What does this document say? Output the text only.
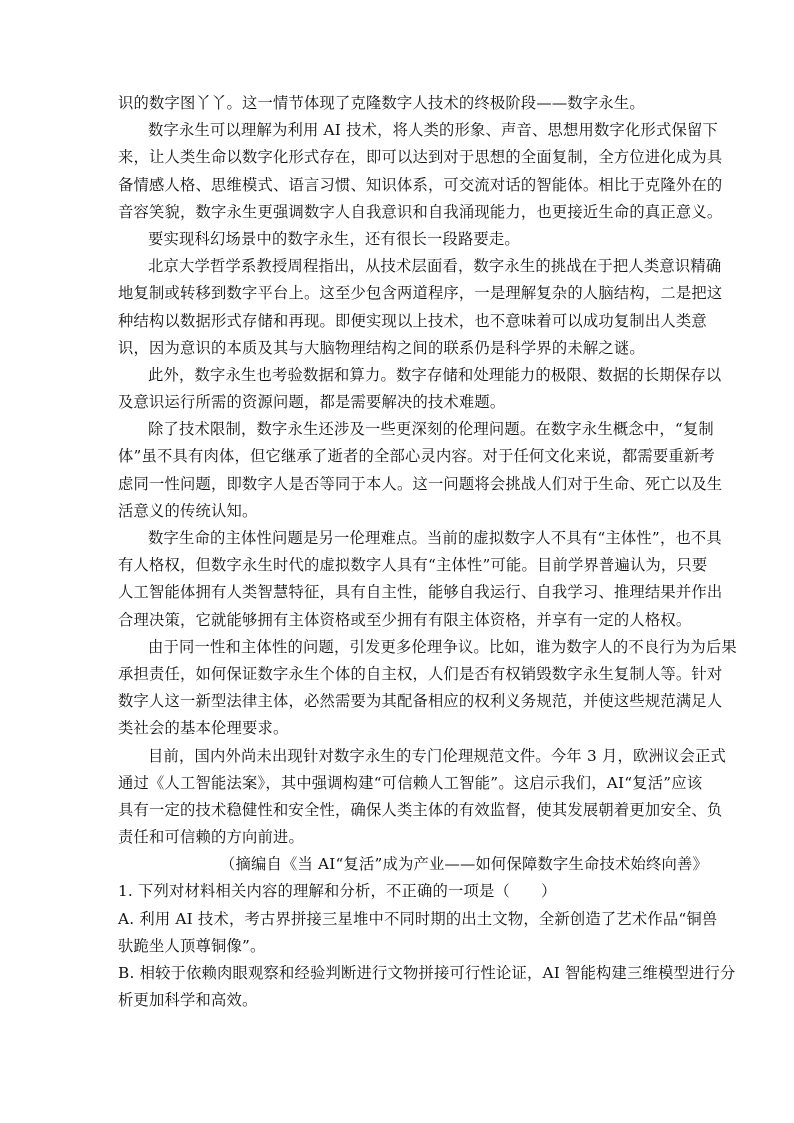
识的数字图丫丫。这一情节体现了克隆数字人技术的终极阶段——数字永生。
数字永生可以理解为利用 AI 技术，将人类的形象、声音、思想用数字化形式保留下
来，让人类生命以数字化形式存在，即可以达到对于思想的全面复制，全方位进化成为具
备情感人格、思维模式、语言习惯、知识体系，可交流对话的智能体。相比于克隆外在的
音容笑貌，数字永生更强调数字人自我意识和自我涌现能力，也更接近生命的真正意义。
要实现科幻场景中的数字永生，还有很长一段路要走。
北京大学哲学系教授周程指出，从技术层面看，数字永生的挑战在于把人类意识精确
地复制或转移到数字平台上。这至少包含两道程序，一是理解复杂的人脑结构，二是把这
种结构以数据形式存储和再现。即便实现以上技术，也不意味着可以成功复制出人类意
识，因为意识的本质及其与大脑物理结构之间的联系仍是科学界的未解之谜。
此外，数字永生也考验数据和算力。数字存储和处理能力的极限、数据的长期保存以
及意识运行所需的资源问题，都是需要解决的技术难题。
除了技术限制，数字永生还涉及一些更深刻的伦理问题。在数字永生概念中，“复制
体”虽不具有肉体，但它继承了逝者的全部心灵内容。对于任何文化来说，都需要重新考
虑同一性问题，即数字人是否等同于本人。这一问题将会挑战人们对于生命、死亡以及生
活意义的传统认知。
数字生命的主体性问题是另一伦理难点。当前的虚拟数字人不具有“主体性”，也不具
有人格权，但数字永生时代的虚拟数字人具有“主体性”可能。目前学界普遍认为，只要
人工智能体拥有人类智慧特征，具有自主性，能够自我运行、自我学习、推理结果并作出
合理决策，它就能够拥有主体资格或至少拥有有限主体资格，并享有一定的人格权。
由于同一性和主体性的问题，引发更多伦理争议。比如，谁为数字人的不良行为为后果
承担责任，如何保证数字永生个体的自主权，人们是否有权销毁数字永生复制人等。针对
数字人这一新型法律主体，必然需要为其配备相应的权利义务规范，并使这些规范满足人
类社会的基本伦理要求。
目前，国内外尚未出现针对数字永生的专门伦理规范文件。今年 3 月，欧洲议会正式
通过《人工智能法案》，其中强调构建“可信赖人工智能”。这启示我们，AI“复活”应该
具有一定的技术稳健性和安全性，确保人类主体的有效监督，使其发展朝着更加安全、负
责任和可信赖的方向前进。
（摘编自《当 AI“复活”成为产业——如何保障数字生命技术始终向善》
1. 下列对材料相关内容的理解和分析，不正确的一项是（　　）
A. 利用 AI 技术，考古界拼接三星堆中不同时期的出土文物，全新创造了艺术作品“铜兽
驮跪坐人顶尊铜像”。
B. 相较于依赖肉眼观察和经验判断进行文物拼接可行性论证，AI 智能构建三维模型进行分
析更加科学和高效。
